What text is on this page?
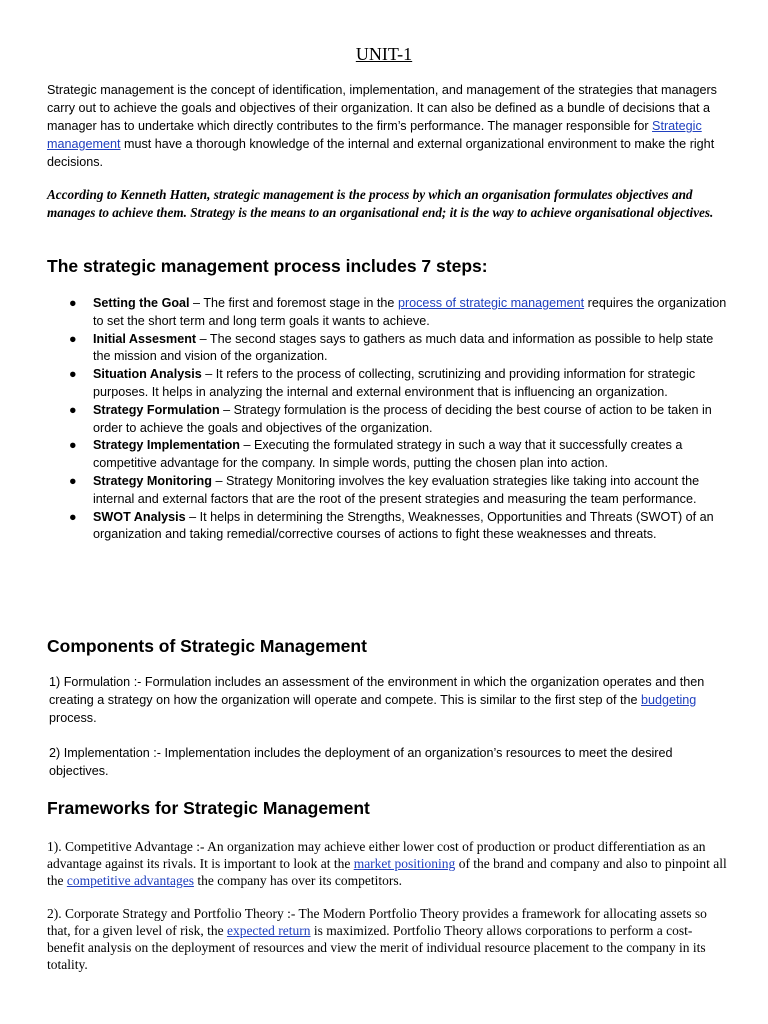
UNIT-1
Strategic management is the concept of identification, implementation, and management of the strategies that managers carry out to achieve the goals and objectives of their organization. It can also be defined as a bundle of decisions that a manager has to undertake which directly contributes to the firm’s performance. The manager responsible for Strategic management must have a thorough knowledge of the internal and external organizational environment to make the right decisions.
According to Kenneth Hatten, strategic management is the process by which an organisation formulates objectives and manages to achieve them. Strategy is the means to an organisational end; it is the way to achieve organisational objectives.
The strategic management process includes 7 steps:
● Setting the Goal – The first and foremost stage in the process of strategic management requires the organization to set the short term and long term goals it wants to achieve.
● Initial Assesment – The second stages says to gathers as much data and information as possible to help state the mission and vision of the organization.
● Situation Analysis – It refers to the process of collecting, scrutinizing and providing information for strategic purposes. It helps in analyzing the internal and external environment that is influencing an organization.
● Strategy Formulation – Strategy formulation is the process of deciding the best course of action to be taken in order to achieve the goals and objectives of the organization.
● Strategy Implementation – Executing the formulated strategy in such a way that it successfully creates a competitive advantage for the company. In simple words, putting the chosen plan into action.
● Strategy Monitoring – Strategy Monitoring involves the key evaluation strategies like taking into account the internal and external factors that are the root of the present strategies and measuring the team performance.
● SWOT Analysis – It helps in determining the Strengths, Weaknesses, Opportunities and Threats (SWOT) of an organization and taking remedial/corrective courses of actions to fight these weaknesses and threats.
Components of Strategic Management
1) Formulation :- Formulation includes an assessment of the environment in which the organization operates and then creating a strategy on how the organization will operate and compete. This is similar to the first step of the budgeting process.
2) Implementation :- Implementation includes the deployment of an organization’s resources to meet the desired objectives.
Frameworks for Strategic Management
1). Competitive Advantage :- An organization may achieve either lower cost of production or product differentiation as an advantage against its rivals. It is important to look at the market positioning of the brand and company and also to pinpoint all the competitive advantages the company has over its competitors.
2). Corporate Strategy and Portfolio Theory :- The Modern Portfolio Theory provides a framework for allocating assets so that, for a given level of risk, the expected return is maximized. Portfolio Theory allows corporations to perform a cost-benefit analysis on the deployment of resources and view the merit of individual resource placement to the company in its totality.
